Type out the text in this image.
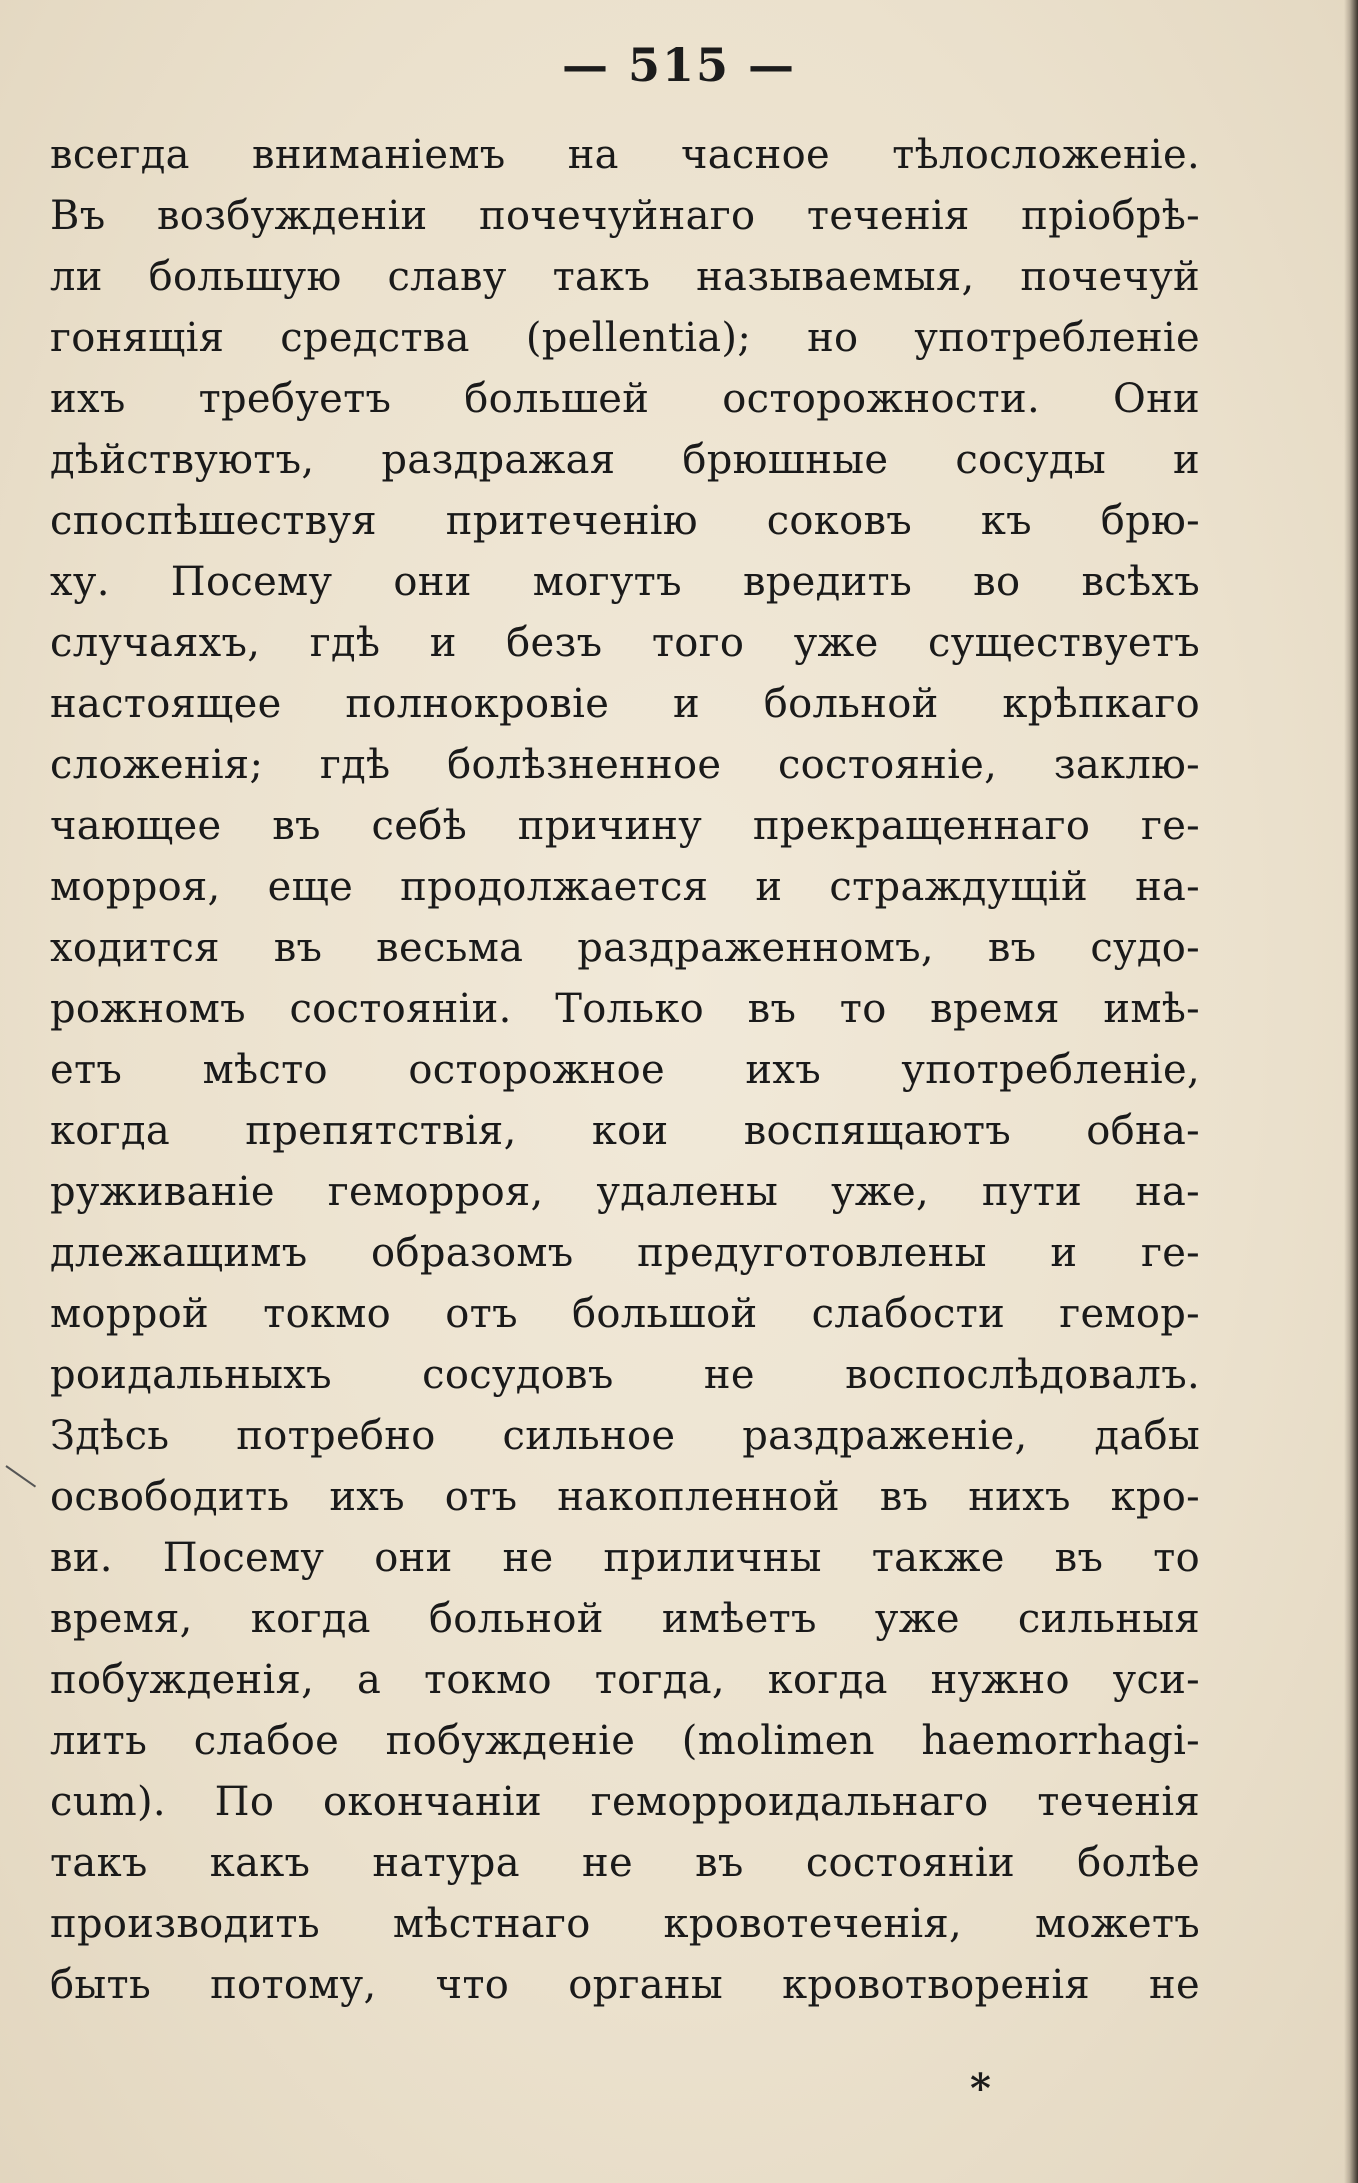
— 515 —
всегда вниманіемъ на часное тѣлосложеніе.
Въ возбужденіи почечуйнаго теченія пріобрѣ-
ли большую славу такъ называемыя, почечуй
гонящія средства (pellentia); но употребленіе
ихъ требуетъ большей осторожности. Они
дѣйствуютъ, раздражая брюшные сосуды и
споспѣшествуя притеченію соковъ къ брю-
ху. Посему они могутъ вредить во всѣхъ
случаяхъ, гдѣ и безъ того уже существуетъ
настоящее полнокровіе и больной крѣпкаго
сложенія; гдѣ болѣзненное состояніе, заклю-
чающее въ себѣ причину прекращеннаго ге-
морроя, еще продолжается и страждущій на-
ходится въ весьма раздраженномъ, въ судо-
рожномъ состояніи. Только въ то время имѣ-
етъ мѣсто осторожное ихъ употребленіе,
когда препятствія, кои воспящаютъ обна-
руживаніе геморроя, удалены уже, пути на-
длежащимъ образомъ предуготовлены и ге-
моррой токмо отъ большой слабости гемор-
роидальныхъ сосудовъ не воспослѣдовалъ.
Здѣсь потребно сильное раздраженіе, дабы
освободить ихъ отъ накопленной въ нихъ кро-
ви. Посему они не приличны также въ то
время, когда больной имѣетъ уже сильныя
побужденія, а токмо тогда, когда нужно уси-
лить слабое побужденіе (molimen haemorrhagi-
cum). По окончаніи геморроидальнаго теченія
такъ какъ натура не въ состояніи болѣе
производить мѣстнаго кровотеченія, можетъ
быть потому, что органы кровотворенія не
*
